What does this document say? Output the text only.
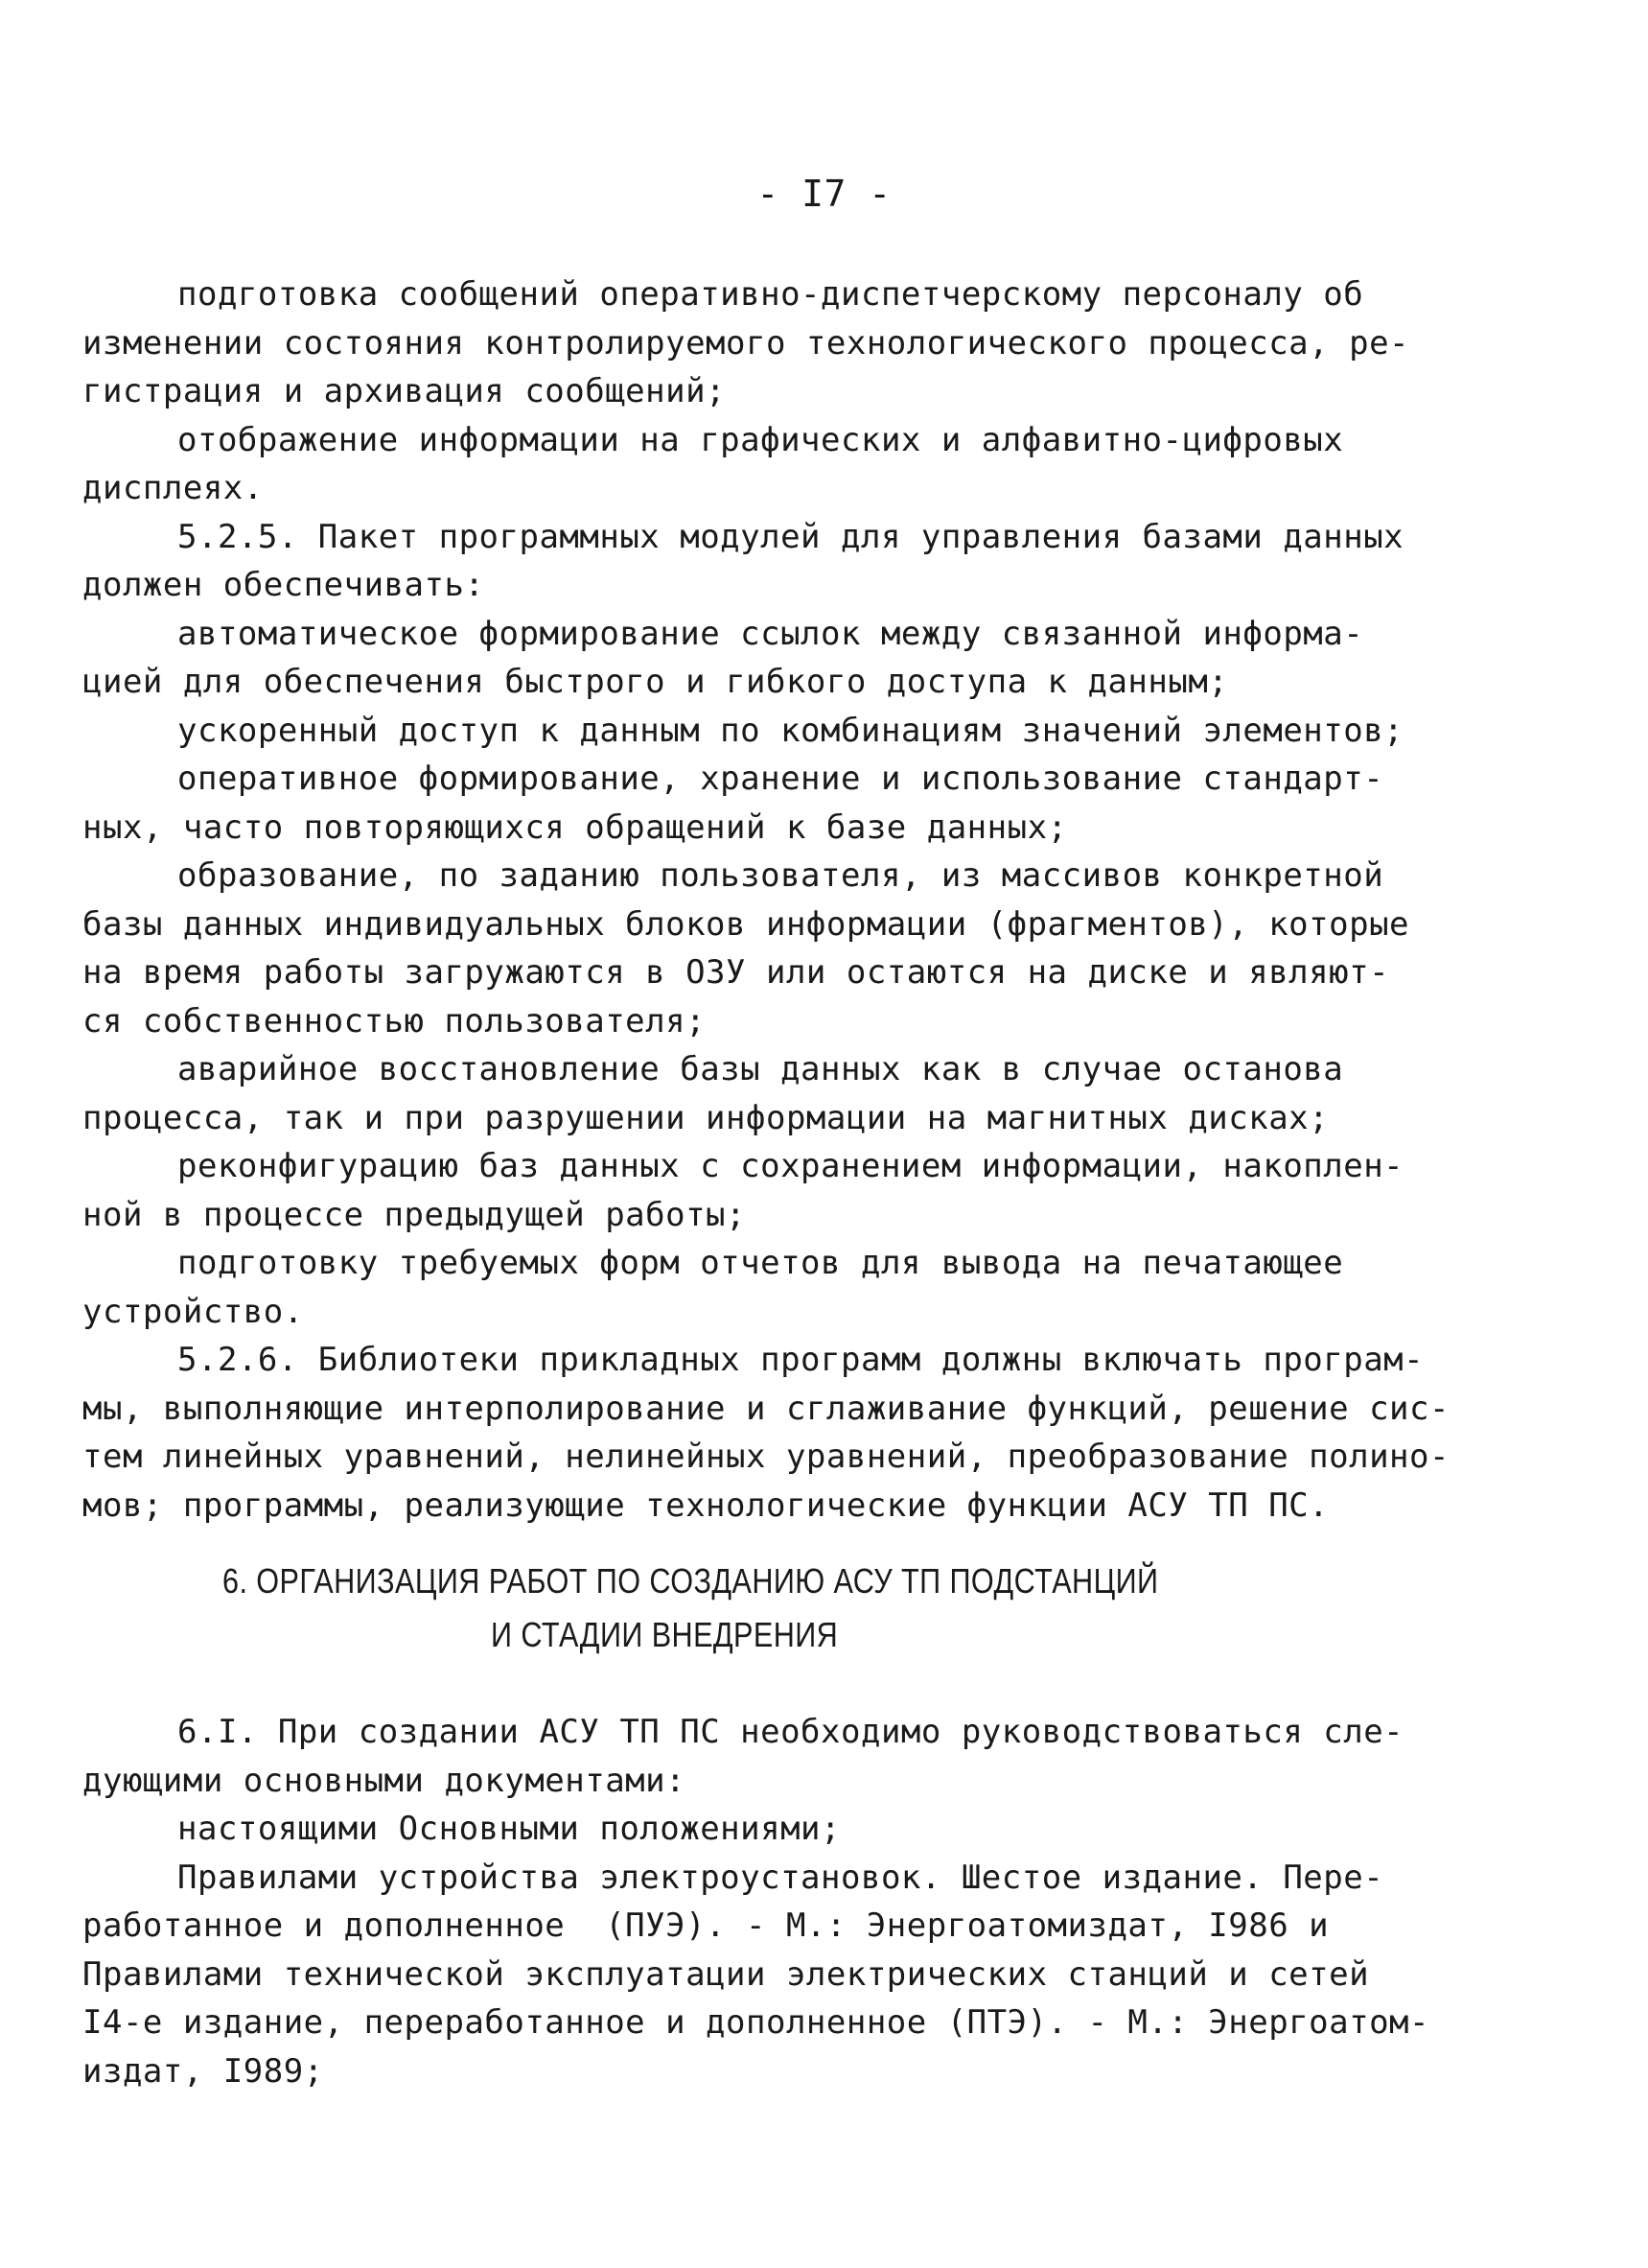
- I7 -
подготовка сообщений оперативно-диспетчерскому персоналу об
изменении состояния контролируемого технологического процесса, ре-
гистрация и архивация сообщений;
отображение информации на графических и алфавитно-цифровых
дисплеях.
5.2.5. Пакет программных модулей для управления базами данных
должен обеспечивать:
автоматическое формирование ссылок между связанной информа-
цией для обеспечения быстрого и гибкого доступа к данным;
ускоренный доступ к данным по комбинациям значений элементов;
оперативное формирование, хранение и использование стандарт-
ных, часто повторяющихся обращений к базе данных;
образование, по заданию пользователя, из массивов конкретной
базы данных индивидуальных блоков информации (фрагментов), которые
на время работы загружаются в ОЗУ или остаются на диске и являют-
ся собственностью пользователя;
аварийное восстановление базы данных как в случае останова
процесса, так и при разрушении информации на магнитных дисках;
реконфигурацию баз данных с сохранением информации, накоплен-
ной в процессе предыдущей работы;
подготовку требуемых форм отчетов для вывода на печатающее
устройство.
5.2.6. Библиотеки прикладных программ должны включать програм-
мы, выполняющие интерполирование и сглаживание функций, решение сис-
тем линейных уравнений, нелинейных уравнений, преобразование полино-
мов; программы, реализующие технологические функции АСУ ТП ПС.
6. ОРГАНИЗАЦИЯ РАБОТ ПО СОЗДАНИЮ АСУ ТП ПОДСТАНЦИЙ
И СТАДИИ ВНЕДРЕНИЯ
6.I. При создании АСУ ТП ПС необходимо руководствоваться сле-
дующими основными документами:
настоящими Основными положениями;
Правилами устройства электроустановок. Шестое издание. Пере-
работанное и дополненное  (ПУЭ). - М.: Энергоатомиздат, I986 и
Правилами технической эксплуатации электрических станций и сетей
I4-е издание, переработанное и дополненное (ПТЭ). - М.: Энергоатом-
издат, I989;
